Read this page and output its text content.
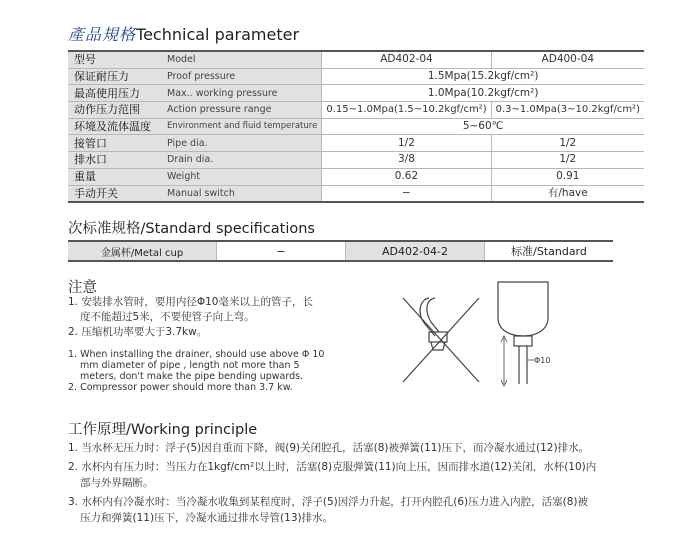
產品規格Technical parameter
型号	Model	AD402-04	AD400-04
保证耐压力	Proof pressure	1.5Mpa(15.2kgf/cm²)	
最高使用压力	Max.. working pressure	1.0Mpa(10.2kgf/cm²)	
动作压力范围	Action pressure range	0.15~1.0Mpa(1.5~10.2kgf/cm²)	0.3~1.0Mpa(3~10.2kgf/cm²)
环境及流体温度	Environment and fluid temperature	5~60℃	
接管口	Pipe dia.	1/2	1/2
排水口	Drain dia.	3/8	1/2
重量	Weight	0.62	0.91
手动开关	Manual switch	−	有/have
次标准规格/Standard specifications
金属杯/Metal cup	−	AD402-04-2	标准/Standard
注意
1. 安装排水管时，要用内径Φ10毫米以上的管子，长
度不能超过5米，不要使管子向上弯。
2. 压缩机功率要大于3.7kw。
1. When installing the drainer, should use above Φ 10
mm diameter of pipe , length not more than 5
meters, don't make the pipe bending upwards.
2. Compressor power should more than 3.7 kw.
Φ10
工作原理/Working principle
1. 当水杯无压力时：浮子(5)因自重而下降，阀(9)关闭腔孔，活塞(8)被弹簧(11)压下，而冷凝水通过(12)排水。
2. 水杯内有压力时：当压力在1kgf/cm²以上时，活塞(8)克服弹簧(11)向上压，因而排水道(12)关闭，水杯(10)内
部与外界隔断。
3. 水杯内有冷凝水时：当冷凝水收集到某程度时，浮子(5)因浮力升起，打开内腔孔(6)压力进入内腔，活塞(8)被
压力和弹簧(11)压下，冷凝水通过排水导管(13)排水。
